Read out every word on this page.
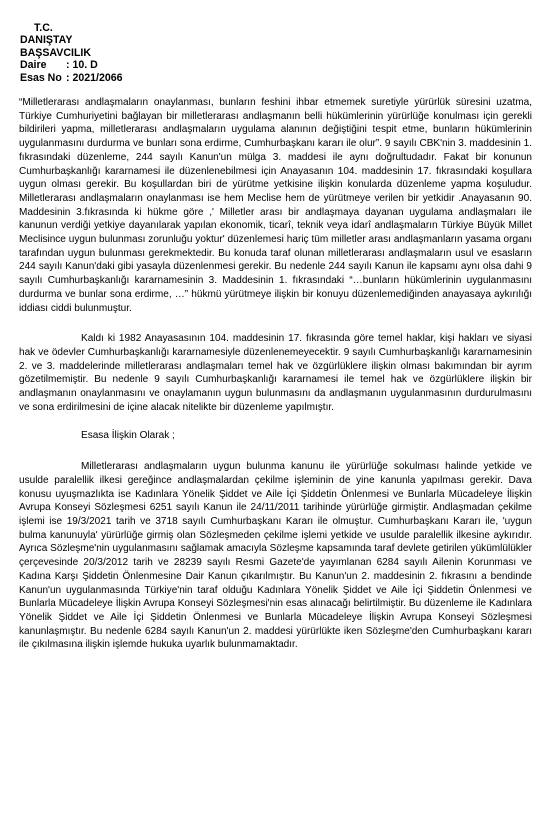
T.C.
DANIŞTAY
BAŞSAVCILIK
Daire	: 10. D
Esas No : 2021/2066

“Milletlerarası andlaşmaların onaylanması, bunların feshini ihbar etmemek suretiyle yürürlük süresini uzatma, Türkiye Cumhuriyetini bağlayan bir milletlerarası andlaşmanın belli hükümlerinin yürürlüğe konulması için gerekli bildirileri yapma, milletlerarası andlaşmaların uygulama alanının değiştiğini tespit etme, bunların hükümlerinin uygulanmasını durdurma ve bunları sona erdirme, Cumhurbaşkanı kararı ile olur”. 9 sayılı CBK'nin 3. maddesinin 1. fıkrasındaki düzenleme, 244 sayılı Kanun'un mülga 3. maddesi ile aynı doğrultudadır. Fakat bir konunun Cumhurbaşkanlığı kararnamesi ile düzenlenebilmesi için Anayasanın 104. maddesinin 17. fıkrasındaki koşullara uygun olması gerekir. Bu koşullardan biri de yürütme yetkisine ilişkin konularda düzenleme yapma koşuludur. Milletlerarası andlaşmaların onaylanması ise hem Meclise hem de yürütmeye verilen bir yetkidir .Anayasanın 90. Maddesinin 3.fıkrasında ki hükme göre ,' Milletler arası bir andlaşmaya dayanan uygulama andlaşmaları ile kanunun verdiği yetkiye dayanılarak yapılan ekonomik, ticarî, teknik veya idarî andlaşmaların Türkiye Büyük Millet Meclisince uygun bulunması zorunluğu yoktur' düzenlemesi hariç tüm milletler arası andlaşmanların yasama organı tarafından uygun bulunması gerekmektedir. Bu konuda taraf olunan milletlerarası andlaşmaların usul ve esasların 244 sayılı Kanun'daki gibi yasayla düzenlenmesi gerekir. Bu nedenle 244 sayılı Kanun ile kapsamı aynı olsa dahi 9 sayılı Cumhurbaşkanlığı kararnamesinin 3. Maddesinin 1. fıkrasındaki “…bunların hükümlerinin uygulanmasını durdurma ve bunlar sona erdirme, …” hükmü yürütmeye ilişkin bir konuyu düzenlemediğinden anayasaya aykırılığı iddiası ciddi bulunmuştur.

Kaldı ki 1982 Anayasasının 104. maddesinin 17. fıkrasında göre temel haklar, kişi hakları ve siyasi hak ve ödevler Cumhurbaşkanlığı kararnamesiyle düzenlenemeyecektir. 9 sayılı Cumhurbaşkanlığı kararnamesinin 2. ve 3. maddelerinde milletlerarası andlaşmaları temel hak ve özgürlüklere ilişkin olması bakımından bir ayrım gözetilmemiştir. Bu nedenle 9 sayılı Cumhurbaşkanlığı kararnamesi ile temel hak ve özgürlüklere ilişkin bir andlaşmanın onaylanmasını ve onaylamanın uygun bulunmasını da andlaşmanın uygulanmasının durdurulmasını ve sona erdirilmesini de içine alacak nitelikte bir düzenleme yapılmıştır.

Esasa İlişkin Olarak ;

Milletlerarası andlaşmaların uygun bulunma kanunu ile yürürlüğe sokulması halinde yetkide ve usulde paralellik ilkesi gereğince andlaşmalardan çekilme işleminin de yine kanunla yapılması gerekir. Dava konusu uyuşmazlıkta ise Kadınlara Yönelik Şiddet ve Aile İçi Şiddetin Önlenmesi ve Bunlarla Mücadeleye İlişkin Avrupa Konseyi Sözleşmesi 6251 sayılı Kanun ile 24/11/2011 tarihinde yürürlüğe girmiştir. Andlaşmadan çekilme işlemi ise 19/3/2021 tarih ve 3718 sayılı Cumhurbaşkanı Kararı ile olmuştur. Cumhurbaşkanı Kararı ile, 'uygun bulma kanunuyla' yürürlüğe girmiş olan Sözleşmeden çekilme işlemi yetkide ve usulde paralellik ilkesine aykırıdır. Ayrıca Sözleşme'nin uygulanmasını sağlamak amacıyla Sözleşme kapsamında taraf devlete getirilen yükümlülükler çerçevesinde 20/3/2012 tarih ve 28239 sayılı Resmi Gazete'de yayımlanan 6284 sayılı Ailenin Korunması ve Kadına Karşı Şiddetin Önlenmesine Dair Kanun çıkarılmıştır. Bu Kanun'un 2. maddesinin 2. fıkrasını a bendinde Kanun'un uygulanmasında Türkiye'nin taraf olduğu Kadınlara Yönelik Şiddet ve Aile İçi Şiddetin Önlenmesi ve Bunlarla Mücadeleye İlişkin Avrupa Konseyi Sözleşmesi'nin esas alınacağı belirtilmiştir. Bu düzenleme ile Kadınlara Yönelik Şiddet ve Aile İçi Şiddetin Önlenmesi ve Bunlarla Mücadeleye İlişkin Avrupa Konseyi Sözleşmesi kanunlaşmıştır. Bu nedenle 6284 sayılı Kanun'un 2. maddesi yürürlükte iken Sözleşme'den Cumhurbaşkanı kararı ile çıkılmasına ilişkin işlemde hukuka uyarlık bulunmamaktadır.
